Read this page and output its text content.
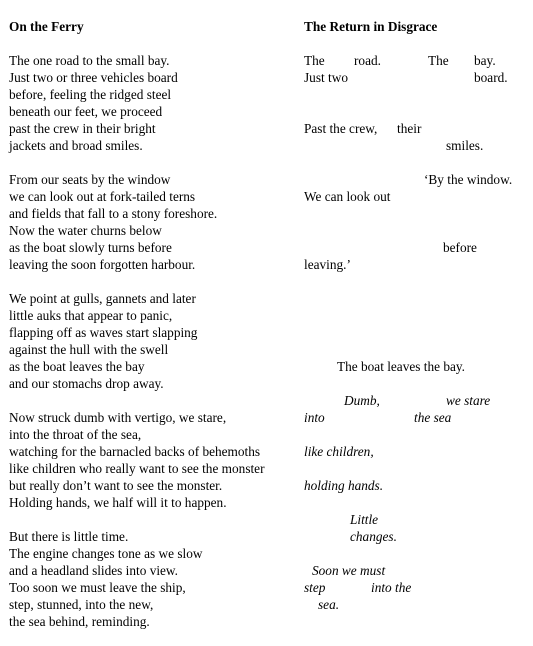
On the Ferry
The one road to the small bay.
Just two or three vehicles board
before, feeling the ridged steel
beneath our feet, we proceed
past the crew in their bright
jackets and broad smiles.
From our seats by the window
we can look out at fork-tailed terns
and fields that fall to a stony foreshore.
Now the water churns below
as the boat slowly turns before
leaving the soon forgotten harbour.
We point at gulls, gannets and later
little auks that appear to panic,
flapping off as waves start slapping
against the hull with the swell
as the boat leaves the bay
and our stomachs drop away.
Now struck dumb with vertigo, we stare,
into the throat of the sea,
watching for the barnacled backs of behemoths
like children who really want to see the monster
but really don’t want to see the monster.
Holding hands, we half will it to happen.
But there is little time.
The engine changes tone as we slow
and a headland slides into view.
Too soon we must leave the ship,
step, stunned, into the new,
the sea behind, reminding.
The Return in Disgrace
The road.	The bay.
Just two	board.
Past the crew, their
smiles.
‘By the window.
We can look out
before
leaving.’
The boat leaves the bay.
Dumb,	we stare
into	the sea
like children,
holding hands.
Little
changes.
Soon we must
step	into the
sea.
